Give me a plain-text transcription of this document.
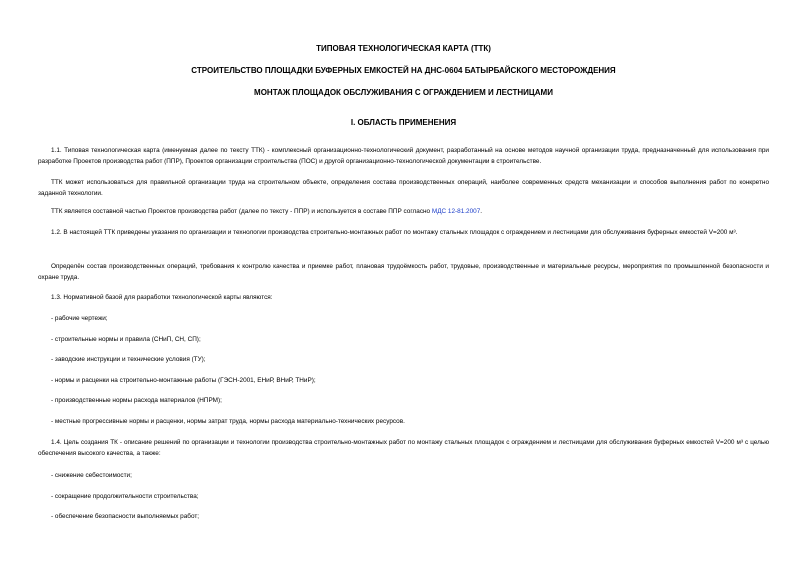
ТИПОВАЯ ТЕХНОЛОГИЧЕСКАЯ КАРТА (ТТК)
СТРОИТЕЛЬСТВО ПЛОЩАДКИ БУФЕРНЫХ ЕМКОСТЕЙ НА ДНС-0604 БАТЫРБАЙСКОГО МЕСТОРОЖДЕНИЯ
МОНТАЖ ПЛОЩАДОК ОБСЛУЖИВАНИЯ С ОГРАЖДЕНИЕМ И ЛЕСТНИЦАМИ
I. ОБЛАСТЬ ПРИМЕНЕНИЯ
1.1. Типовая технологическая карта (именуемая далее по тексту ТТК) - комплексный организационно-технологический документ, разработанный на основе методов научной организации труда, предназначенный для использования при разработке Проектов производства работ (ППР), Проектов организации строительства (ПОС) и другой организационно-технологической документации в строительстве.
ТТК может использоваться для правильной организации труда на строительном объекте, определения состава производственных операций, наиболее современных средств механизации и способов выполнения работ по конкретно заданной технологии.
ТТК является составной частью Проектов производства работ (далее по тексту - ППР) и используется в составе ППР согласно МДС 12-81.2007.
1.2. В настоящей ТТК приведены указания по организации и технологии производства строительно-монтажных работ по монтажу стальных площадок с ограждением и лестницами для обслуживания буферных емкостей V=200 м³.
Определён состав производственных операций, требования к контролю качества и приемке работ, плановая трудоёмкость работ, трудовые, производственные и материальные ресурсы, мероприятия по промышленной безопасности и охране труда.
1.3. Нормативной базой для разработки технологической карты являются:
- рабочие чертежи;
- строительные нормы и правила (СНиП, СН, СП);
- заводские инструкции и технические условия (ТУ);
- нормы и расценки на строительно-монтажные работы (ГЭСН-2001, ЕНиР, ВНиР, ТНиР);
- производственные нормы расхода материалов (НПРМ);
- местные прогрессивные нормы и расценки, нормы затрат труда, нормы расхода материально-технических ресурсов.
1.4. Цель создания ТК - описание решений по организации и технологии производства строительно-монтажных работ по монтажу стальных площадок с ограждением и лестницами для обслуживания буферных емкостей V=200 м³ с целью обеспечения высокого качества, а также:
- снижение себестоимости;
- сокращение продолжительности строительства;
- обеспечение безопасности выполняемых работ;
